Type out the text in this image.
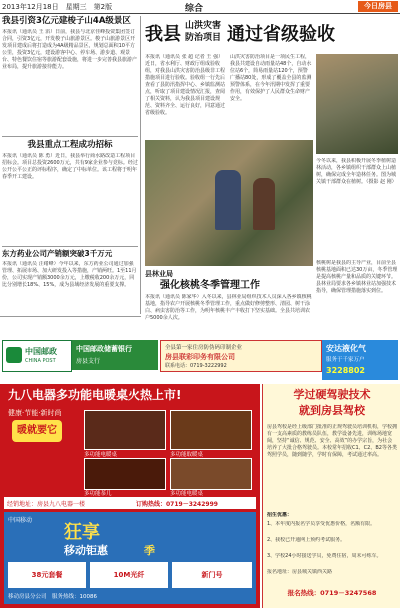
2013年12月18日　星期三　第2版	综合	今日房县
我县引资3亿元建梭子山4A级景区
本报讯（通讯员 王 滔）日前，我县与北京佳峰投资集团签订合同，引资3亿元，开发梭子山旅游景区。梭子山旅游景区开发项目建成后将打造成为4A级精品景区，规划总面积10平方公里，投资3亿元，建设游客中心、停车场、游步道、观景台、特色餐饮住宿等旅游配套设施，将进一步完善我县旅游产业布局，提升旅游接待能力。
我县重点工程成功招标
本报讯（通讯员 陈 勇）近日，我县举行商水路改造工程项目招标会。项目总投资2600万元，共有9家企业参与竞标。经过公开公平公正的评标程序，确定了中标单位。该工程将于明年春季开工建设。
东方药业公司产销额突破3千万元
本报讯（通讯员 汪绪峰）今年以来，东方药业公司通过加强管理、拓展市场、加大研发投入等措施，产销两旺。1至11月份，公司实现产销额3000余万元，上缴税收200余万元，同比分别增长18%、15%，成为县域经济发展的重要支撑。
我县 山洪灾害
防治项目 通过省级验收
本报讯（通讯员 张 超 记者 王 强）近日，省水利厅、财政厅组成验收组，对我县山洪灾害防治县级非工程措施项目进行验收。验收组一行先后查看了县防汛指挥中心、乡镇监测站点，听取了项目建设情况汇报，查阅了相关资料，认为我县项目建设规范、资料齐全、运行良好，同意通过省级验收。
山洪灾害防治项目是一项民生工程，我县共建设自动雨量站48个，自动水位站6个，简易雨量站120个，预警广播站80处，形成了覆盖全县的监测预警体系，在今年汛期中发挥了重要作用，有效保护了人民群众生命财产安全。
今冬以来，我县积极开展冬季植树造林活动，各乡镇组织干部群众上山植树，确保完成全年造林任务。图为城关镇干部群众在植树。（摄影 赵 刚）
县林业局
强化核桃冬季管理工作
本报讯（通讯员 陈家华）入冬以来，县林业局组织技术人员深入各乡镇核桃基地，指导农户开展核桃冬季管理工作，重点做好修剪整形、清园、树干涂白、病虫害防治等工作，为明年核桃丰产丰收打下坚实基础。全县共培训农户5000余人次。
核桃树是我县的主导产业，目前全县核桃基地面积已达30万亩，冬季管理是提高核桃产量和品质的关键环节。县林业局要求各乡镇林业站加强技术指导，确保管理措施落实到位。
中国邮政
CHINA POST
中国邮政储蓄银行
房县支行
全县第一家住房防伪码印制企业
房县联彩印务有限公司
联系电话：0719-3222992
安达液化气
服务于千家万户
3228802
九八电器多功能电暖桌火热上市!
健康·节能·新时尚
暖就要它
多功能电暖桌	多功能取暖桌
多功能茶几	多功能电暖桌
经销地址：房县九八电器一楼	订购热线：0719－3242999
中国移动
狂享
移动钜惠	季
38元套餐	10M光纤	新门号
移动房县分公司　服务热线：10086
学过硬驾驶技术
就到房县驾校
房县驾校是经上级部门批准的正规驾驶员培训机构，学校拥有一支高素质的教练员队伍，教学设备先进，训练场地宽阔，坚持“诚信、规范、安全、高效”的办学宗旨，为社会培养了大批合格驾驶员。本校常年招收C1、C2、B2等各类驾照学员，随到随学，学时有保障，考试通过率高。
招生优惠：
1、本年度内报名学员享受优惠价格，名额有限。
2、我校已开通网上预约考试服务。
3、学校24小时接送学员，免费住宿，周末可练车。
报名地址：房县城关镇西关路
报名热线：0719－3247568
